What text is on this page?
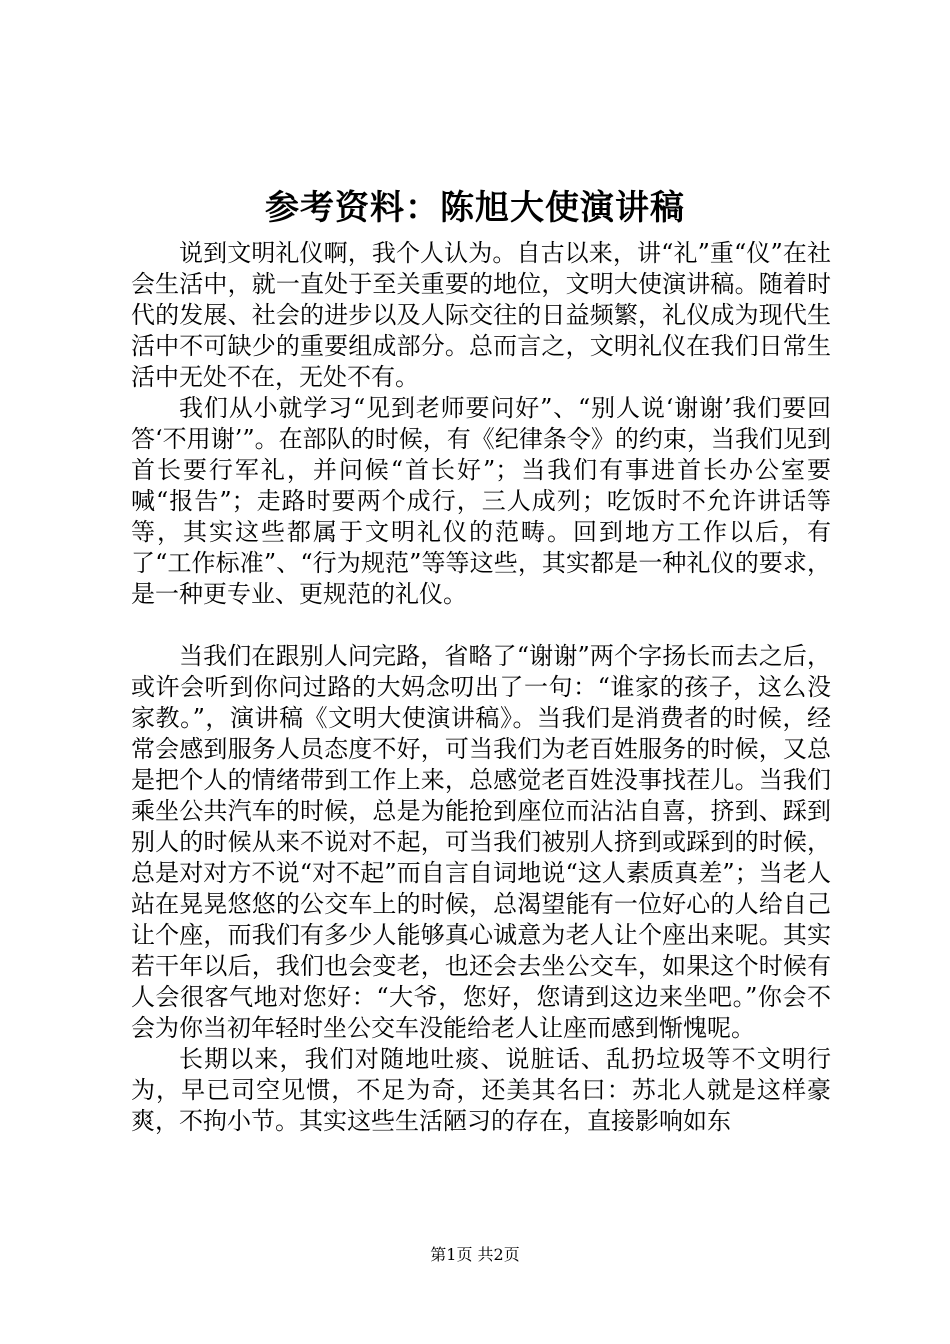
参考资料：陈旭大使演讲稿

说到文明礼仪啊，我个人认为。自古以来，讲“礼”重“仪”在社会生活中，就一直处于至关重要的地位，文明大使演讲稿。随着时代的发展、社会的进步以及人际交往的日益频繁，礼仪成为现代生活中不可缺少的重要组成部分。总而言之，文明礼仪在我们日常生活中无处不在，无处不有。

我们从小就学习“见到老师要问好”、“别人说‘谢谢’我们要回答‘不用谢’”。在部队的时候，有《纪律条令》的约束，当我们见到首长要行军礼，并问候“首长好”；当我们有事进首长办公室要喊“报告”；走路时要两个成行，三人成列；吃饭时不允许讲话等等，其实这些都属于文明礼仪的范畴。回到地方工作以后，有了“工作标准”、“行为规范”等等这些，其实都是一种礼仪的要求，是一种更专业、更规范的礼仪。

当我们在跟别人问完路，省略了“谢谢”两个字扬长而去之后，或许会听到你问过路的大妈念叨出了一句：“谁家的孩子，这么没家教。”，演讲稿《文明大使演讲稿》。当我们是消费者的时候，经常会感到服务人员态度不好，可当我们为老百姓服务的时候，又总是把个人的情绪带到工作上来，总感觉老百姓没事找茬儿。当我们乘坐公共汽车的时候，总是为能抢到座位而沾沾自喜，挤到、踩到别人的时候从来不说对不起，可当我们被别人挤到或踩到的时候，总是对对方不说“对不起”而自言自词地说“这人素质真差”；当老人站在晃晃悠悠的公交车上的时候，总渴望能有一位好心的人给自己让个座，而我们有多少人能够真心诚意为老人让个座出来呢。其实若干年以后，我们也会变老，也还会去坐公交车，如果这个时候有人会很客气地对您好：“大爷，您好，您请到这边来坐吧。”你会不会为你当初年轻时坐公交车没能给老人让座而感到惭愧呢。

长期以来，我们对随地吐痰、说脏话、乱扔垃圾等不文明行为，早已司空见惯，不足为奇，还美其名曰：苏北人就是这样豪爽，不拘小节。其实这些生活陋习的存在，直接影响如东

第1页 共2页
